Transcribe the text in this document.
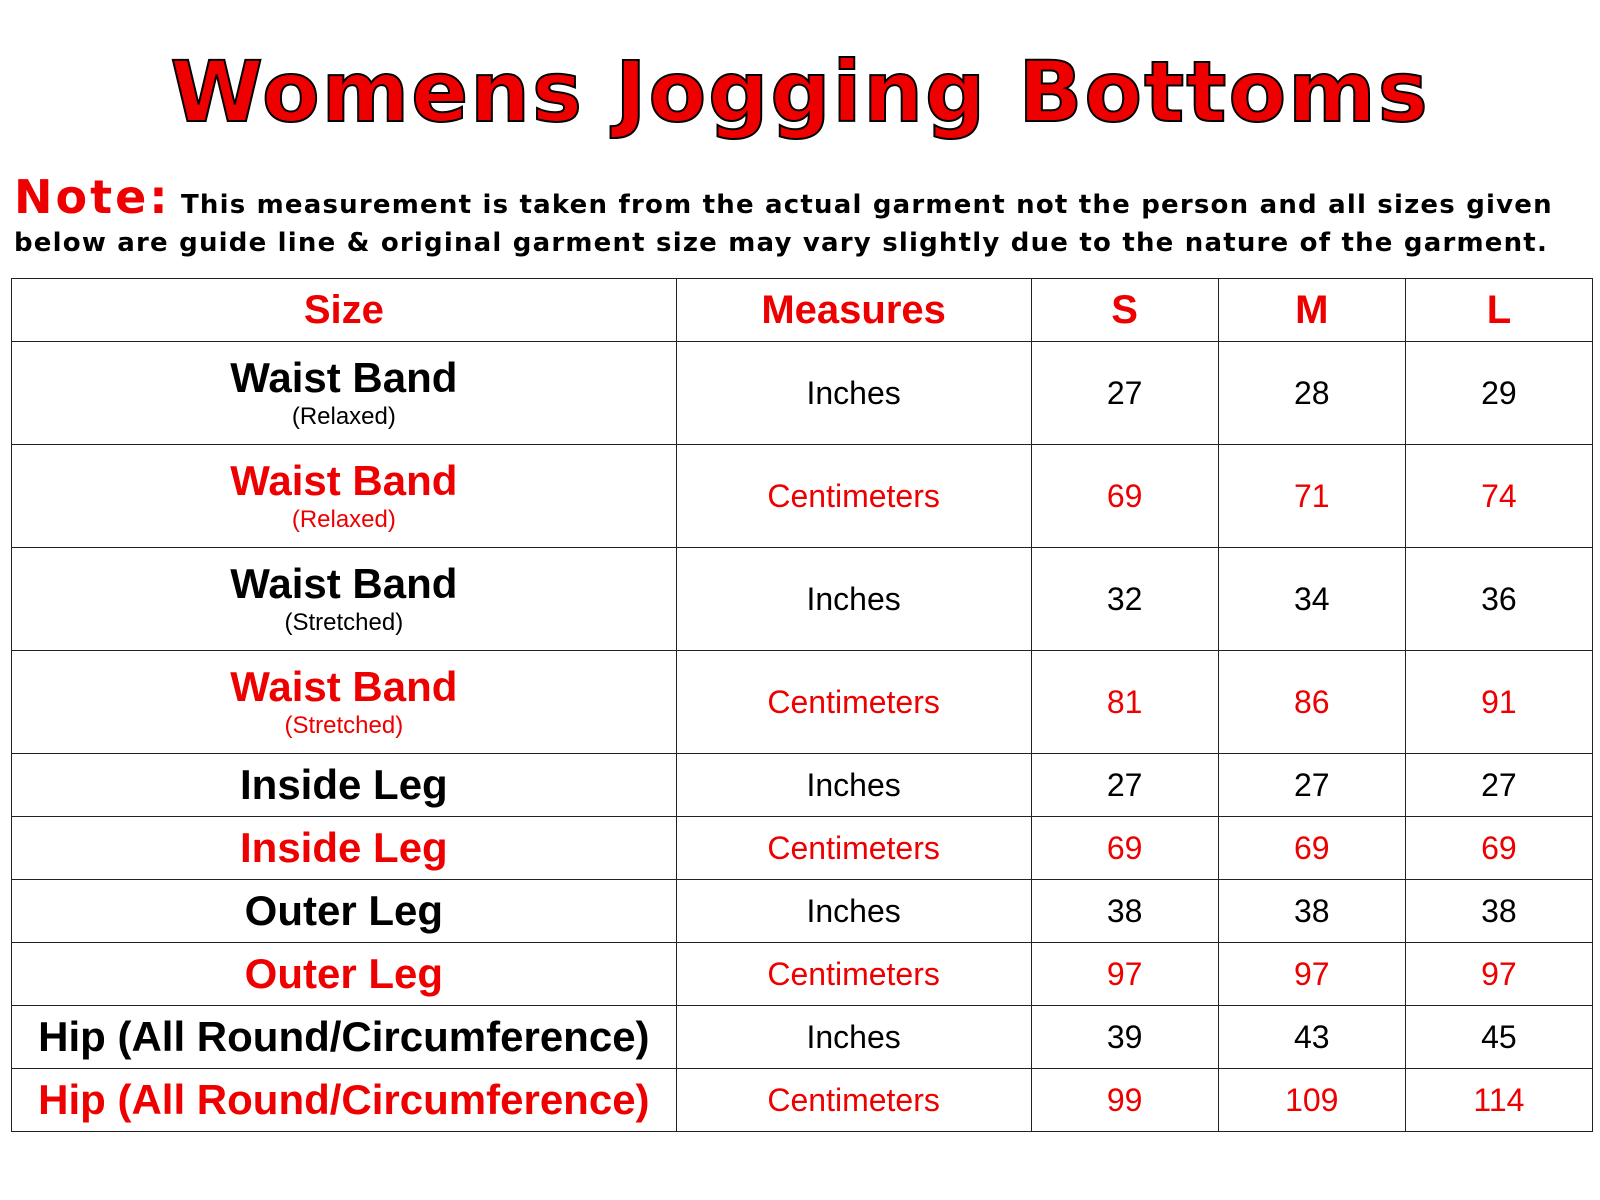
Womens Jogging Bottoms
Note: This measurement is taken from the actual garment not the person and all sizes given
below are guide line & original garment size may vary slightly due to the nature of the garment.
Size	Measures	S	M	L

Waist Band
(Relaxed)	Inches	27	28	29

Waist Band
(Relaxed)	Centimeters	69	71	74

Waist Band
(Stretched)	Inches	32	34	36

Waist Band
(Stretched)	Centimeters	81	86	91
Inside Leg	Inches	27	27	27
Inside Leg	Centimeters	69	69	69
Outer Leg	Inches	38	38	38
Outer Leg	Centimeters	97	97	97
Hip (All Round/Circumference)	Inches	39	43	45
Hip (All Round/Circumference)	Centimeters	99	109	114
